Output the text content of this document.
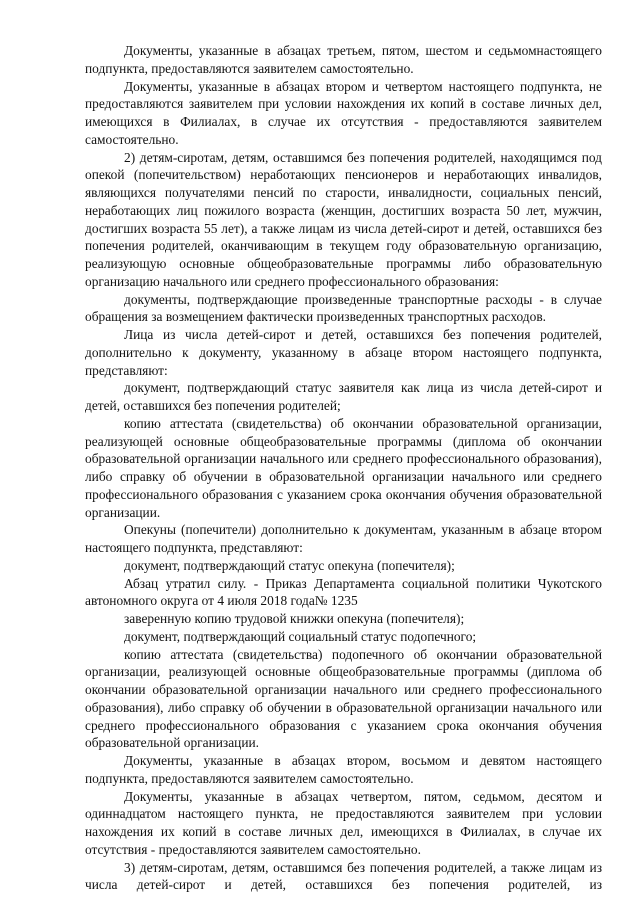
Документы, указанные в абзацах третьем, пятом, шестом и седьмомнастоящего подпункта, предоставляются заявителем самостоятельно.

Документы, указанные в абзацах втором и четвертом настоящего подпункта, не предоставляются заявителем при условии нахождения их копий в составе личных дел, имеющихся в Филиалах, в случае их отсутствия - предоставляются заявителем самостоятельно.

2) детям-сиротам, детям, оставшимся без попечения родителей, находящимся под опекой (попечительством) неработающих пенсионеров и неработающих инвалидов, являющихся получателями пенсий по старости, инвалидности, социальных пенсий, неработающих лиц пожилого возраста (женщин, достигших возраста 50 лет, мужчин, достигших возраста 55 лет), а также лицам из числа детей-сирот и детей, оставшихся без попечения родителей, оканчивающим в текущем году образовательную организацию, реализующую основные общеобразовательные программы либо образовательную организацию начального или среднего профессионального образования:

документы, подтверждающие произведенные транспортные расходы - в случае обращения за возмещением фактически произведенных транспортных расходов.

Лица из числа детей-сирот и детей, оставшихся без попечения родителей, дополнительно к документу, указанному в абзаце втором настоящего подпункта, представляют:

документ, подтверждающий статус заявителя как лица из числа детей-сирот и детей, оставшихся без попечения родителей;

копию аттестата (свидетельства) об окончании образовательной организации, реализующей основные общеобразовательные программы (диплома об окончании образовательной организации начального или среднего профессионального образования), либо справку об обучении в образовательной организации начального или среднего профессионального образования с указанием срока окончания обучения образовательной организации.

Опекуны (попечители) дополнительно к документам, указанным в абзаце втором настоящего подпункта, представляют:

документ, подтверждающий статус опекуна (попечителя);

Абзац утратил силу. - Приказ Департамента социальной политики Чукотского автономного округа от 4 июля 2018 года№ 1235

заверенную копию трудовой книжки опекуна (попечителя);

документ, подтверждающий социальный статус подопечного;

копию аттестата (свидетельства) подопечного об окончании образовательной организации, реализующей основные общеобразовательные программы (диплома об окончании образовательной организации начального или среднего профессионального образования), либо справку об обучении в образовательной организации начального или среднего профессионального образования с указанием срока окончания обучения образовательной организации.

Документы, указанные в абзацах втором, восьмом и девятом настоящего подпункта, предоставляются заявителем самостоятельно.

Документы, указанные в абзацах четвертом, пятом, седьмом, десятом и одиннадцатом настоящего пункта, не предоставляются заявителем при условии нахождения их копий в составе личных дел, имеющихся в Филиалах, в случае их отсутствия - предоставляются заявителем самостоятельно.

3) детям-сиротам, детям, оставшимся без попечения родителей, а также лицам из числа детей-сирот и детей, оставшихся без попечения родителей, из
